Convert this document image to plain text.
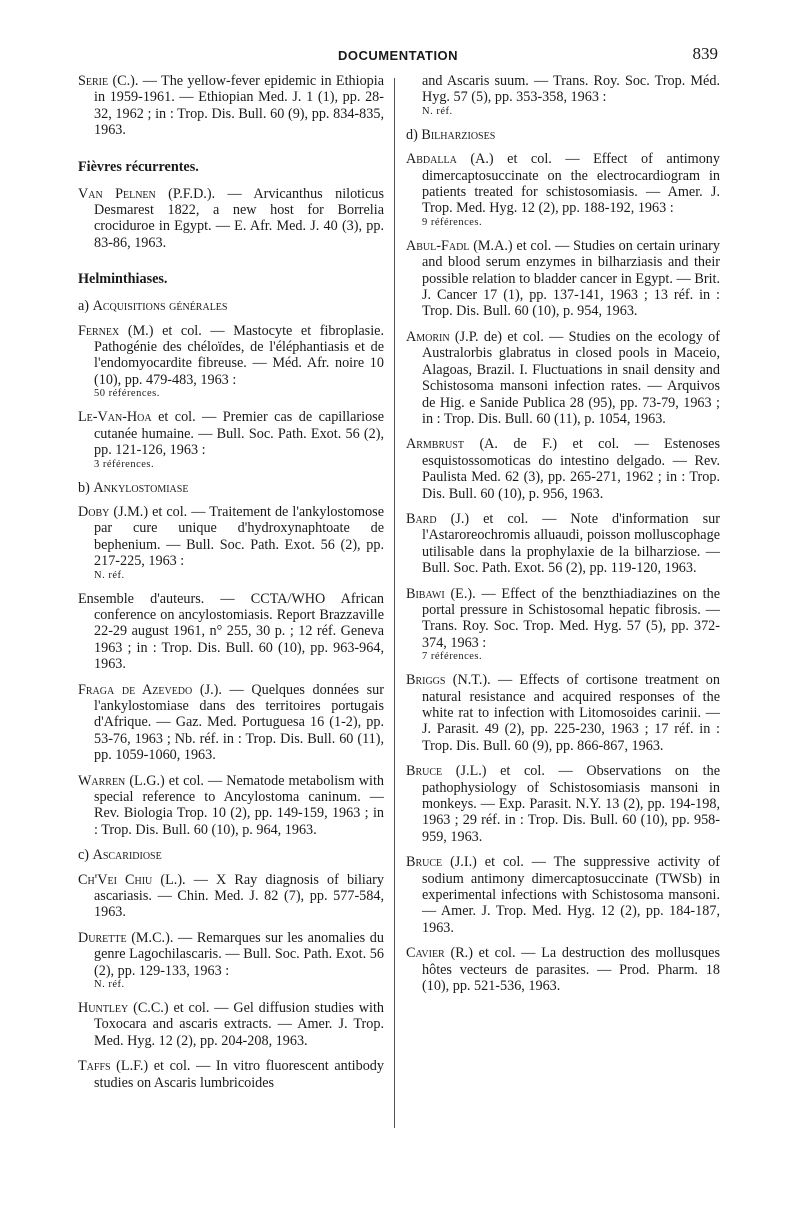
DOCUMENTATION	839

Serie (C.). — The yellow-fever epidemic in Ethiopia in 1959-1961. — Ethiopian Med. J. 1 (1), pp. 28-32, 1962 ; in : Trop. Dis. Bull. 60 (9), pp. 834-835, 1963.

Fièvres récurrentes.

Van Pelnen (P.F.D.). — Arvicanthus niloticus Desmarest 1822, a new host for Borrelia crociduroe in Egypt. — E. Afr. Med. J. 40 (3), pp. 83-86, 1963.

Helminthiases.
a) Acquisitions générales

Fernex (M.) et col. — Mastocyte et fibroplasie. Pathogénie des chéloïdes, de l'éléphantiasis et de l'endomyocardite fibreuse. — Méd. Afr. noire 10 (10), pp. 479-483, 1963 :
50 références.

Le-Van-Hoa et col. — Premier cas de capillariose cutanée humaine. — Bull. Soc. Path. Exot. 56 (2), pp. 121-126, 1963 :
3 références.

b) Ankylostomiase

Doby (J.M.) et col. — Traitement de l'ankylostomose par cure unique d'hydroxynaphtoate de bephenium. — Bull. Soc. Path. Exot. 56 (2), pp. 217-225, 1963 :
N. réf.

Ensemble d'auteurs. — CCTA/WHO African conference on ancylostomiasis. Report Brazzaville 22-29 august 1961, n° 255, 30 p. ; 12 réf. Geneva 1963 ; in : Trop. Dis. Bull. 60 (10), pp. 963-964, 1963.

Fraga de Azevedo (J.). — Quelques données sur l'ankylostomiase dans des territoires portugais d'Afrique. — Gaz. Med. Portuguesa 16 (1-2), pp. 53-76, 1963 ; Nb. réf. in : Trop. Dis. Bull. 60 (11), pp. 1059-1060, 1963.

Warren (L.G.) et col. — Nematode metabolism with special reference to Ancylostoma caninum. — Rev. Biologia Trop. 10 (2), pp. 149-159, 1963 ; in : Trop. Dis. Bull. 60 (10), p. 964, 1963.

c) Ascaridiose

Ch'Vei Chiu (L.). — X Ray diagnosis of biliary ascariasis. — Chin. Med. J. 82 (7), pp. 577-584, 1963.

Durette (M.C.). — Remarques sur les anomalies du genre Lagochilascaris. — Bull. Soc. Path. Exot. 56 (2), pp. 129-133, 1963 :
N. réf.

Huntley (C.C.) et col. — Gel diffusion studies with Toxocara and ascaris extracts. — Amer. J. Trop. Med. Hyg. 12 (2), pp. 204-208, 1963.

Taffs (L.F.) et col. — In vitro fluorescent antibody studies on Ascaris lumbricoides

and Ascaris suum. — Trans. Roy. Soc. Trop. Méd. Hyg. 57 (5), pp. 353-358, 1963 :
N. réf.

d) Bilharzioses

Abdalla (A.) et col. — Effect of antimony dimercaptosuccinate on the electrocardiogram in patients treated for schistosomiasis. — Amer. J. Trop. Med. Hyg. 12 (2), pp. 188-192, 1963 :
9 références.

Abul-Fadl (M.A.) et col. — Studies on certain urinary and blood serum enzymes in bilharziasis and their possible relation to bladder cancer in Egypt. — Brit. J. Cancer 17 (1), pp. 137-141, 1963 ; 13 réf. in : Trop. Dis. Bull. 60 (10), p. 954, 1963.

Amorin (J.P. de) et col. — Studies on the ecology of Australorbis glabratus in closed pools in Maceio, Alagoas, Brazil. I. Fluctuations in snail density and Schistosoma mansoni infection rates. — Arquivos de Hig. e Sanide Publica 28 (95), pp. 73-79, 1963 ; in : Trop. Dis. Bull. 60 (11), p. 1054, 1963.

Armbrust (A. de F.) et col. — Estenoses esquistossomoticas do intestino delgado. — Rev. Paulista Med. 62 (3), pp. 265-271, 1962 ; in : Trop. Dis. Bull. 60 (10), p. 956, 1963.

Bard (J.) et col. — Note d'information sur l'Astaroreochromis alluaudi, poisson molluscophage utilisable dans la prophylaxie de la bilharziose. — Bull. Soc. Path. Exot. 56 (2), pp. 119-120, 1963.

Bibawi (E.). — Effect of the benzthiadiazines on the portal pressure in Schistosomal hepatic fibrosis. — Trans. Roy. Soc. Trop. Med. Hyg. 57 (5), pp. 372-374, 1963 :
7 références.

Briggs (N.T.). — Effects of cortisone treatment on natural resistance and acquired responses of the white rat to infection with Litomosoides carinii. — J. Parasit. 49 (2), pp. 225-230, 1963 ; 17 réf. in : Trop. Dis. Bull. 60 (9), pp. 866-867, 1963.

Bruce (J.L.) et col. — Observations on the pathophysiology of Schistosomiasis mansoni in monkeys. — Exp. Parasit. N.Y. 13 (2), pp. 194-198, 1963 ; 29 réf. in : Trop. Dis. Bull. 60 (10), pp. 958-959, 1963.

Bruce (J.I.) et col. — The suppressive activity of sodium antimony dimercaptosuccinate (TWSb) in experimental infections with Schistosoma mansoni. — Amer. J. Trop. Med. Hyg. 12 (2), pp. 184-187, 1963.

Cavier (R.) et col. — La destruction des mollusques hôtes vecteurs de parasites. — Prod. Pharm. 18 (10), pp. 521-536, 1963.
